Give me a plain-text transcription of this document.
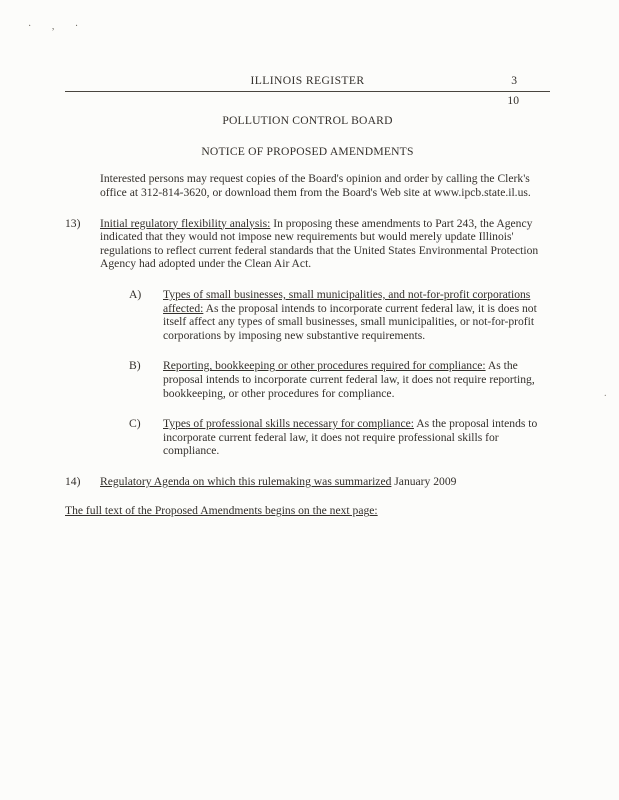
· , ·
·
ILLINOIS REGISTER	3
10
POLLUTION CONTROL BOARD
NOTICE OF PROPOSED AMENDMENTS

Interested persons may request copies of the Board's opinion and order by calling the Clerk's office at 312-814-3620, or download them from the Board's Web site at www.ipcb.state.il.us.

13)	Initial regulatory flexibility analysis: In proposing these amendments to Part 243, the Agency indicated that they would not impose new requirements but would merely update Illinois' regulations to reflect current federal standards that the United States Environmental Protection Agency had adopted under the Clean Air Act.
A)	Types of small businesses, small municipalities, and not-for-profit corporations affected: As the proposal intends to incorporate current federal law, it is does not itself affect any types of small businesses, small municipalities, or not-for-profit corporations by imposing new substantive requirements.
B)	Reporting, bookkeeping or other procedures required for compliance: As the proposal intends to incorporate current federal law, it does not require reporting, bookkeeping, or other procedures for compliance.
C)	Types of professional skills necessary for compliance: As the proposal intends to incorporate current federal law, it does not require professional skills for compliance.
14)	Regulatory Agenda on which this rulemaking was summarized January 2009

The full text of the Proposed Amendments begins on the next page:
